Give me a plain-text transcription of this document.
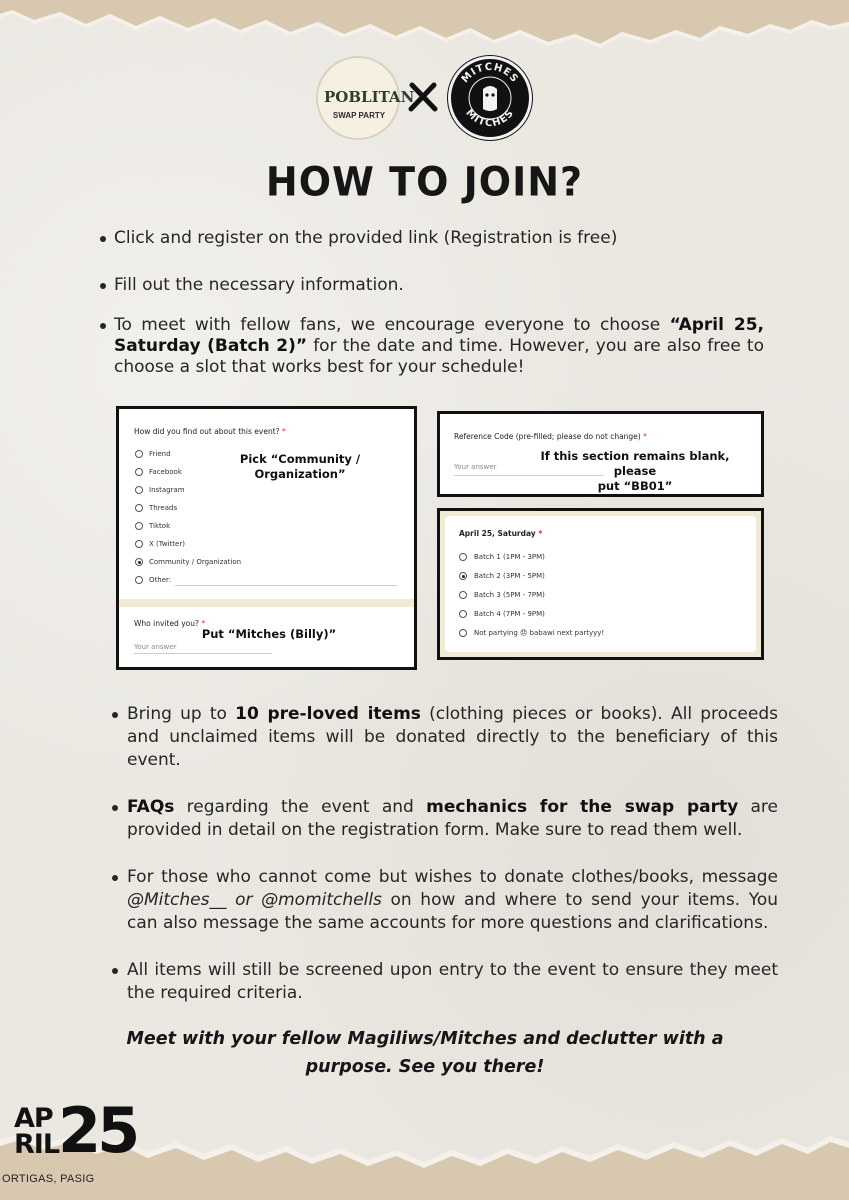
POBLITAN
SWAP PARTY
MITCHES
MITCHES
HOW TO JOIN?
Click and register on the provided link (Registration is free)
Fill out the necessary information.
To meet with fellow fans, we encourage everyone to choose “April 25, Saturday (Batch 2)” for the date and time. However, you are also free to choose a slot that works best for your schedule!
How did you find out about this event? *
Friend
Facebook
Instagram
Threads
Tiktok
X (Twitter)
Community / Organization
Other:
Pick “Community / Organization”
Who invited you? *
Your answer
Put “Mitches (Billy)”
Reference Code (pre-filled; please do not change) *
Your answer
If this section remains blank, please
put “BB01”
April 25, Saturday *
Batch 1 (1PM - 3PM)
Batch 2 (3PM - 5PM)
Batch 3 (5PM - 7PM)
Batch 4 (7PM - 9PM)
Not partying 😞 babawi next partyyy!
Bring up to 10 pre-loved items (clothing pieces or books). All proceeds and unclaimed items will be donated directly to the beneficiary of this event.
FAQs regarding the event and mechanics for the swap party are provided in detail on the registration form. Make sure to read them well.
For those who cannot come but wishes to donate clothes/books, message @Mitches__ or @momitchells on how and where to send your items. You can also message the same accounts for more questions and clarifications.
All items will still be screened upon entry to the event to ensure they meet the required criteria.
Meet with your fellow Magiliws/Mitches and declutter with a purpose. See you there!
AP
RIL
25
ORTIGAS, PASIG
